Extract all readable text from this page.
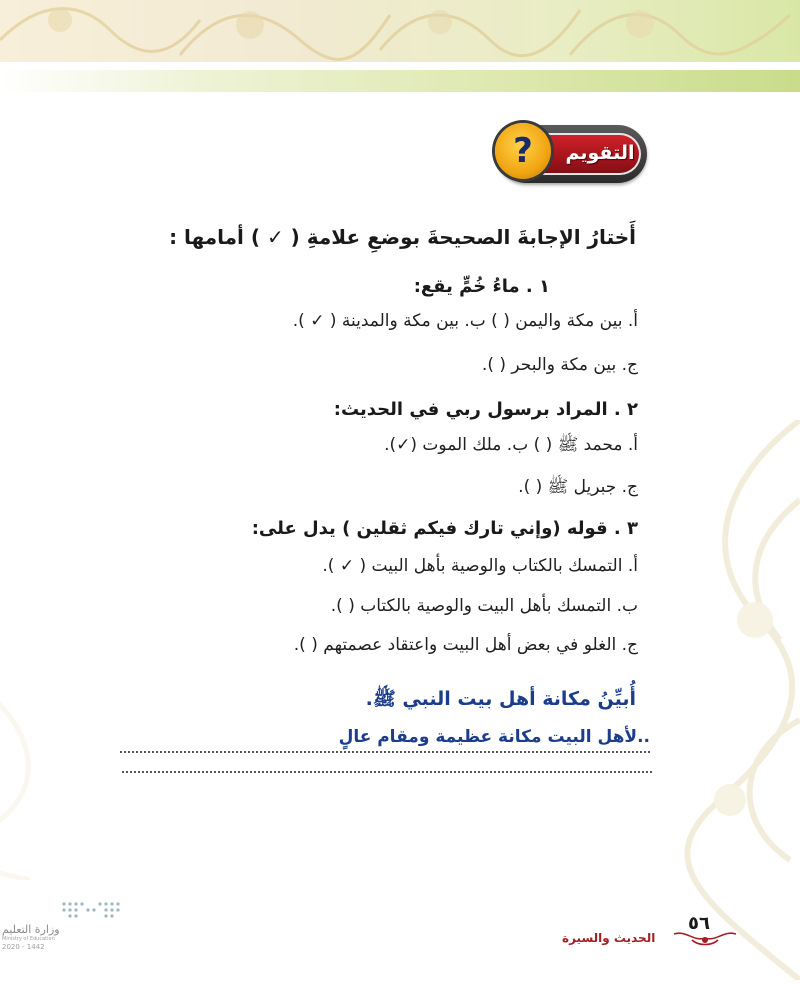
التقويم
?
أَختارُ الإجابةَ الصحيحةَ بوضعِ علامةِ ( ✓ ) أمامها :
١ . ماءُ خُمٍّ يقع:
أ. بين مكة واليمن ( ) ب. بين مكة والمدينة ( ✓ ).
ج. بين مكة والبحر ( ).
٢ . المراد برسول ربي في الحديث:
أ. محمد ﷺ ( ) ب. ملك الموت (✓).
ج. جبريل ﷺ ( ).
٣ . قوله (وإني تارك فيكم ثقلين ) يدل على:
أ. التمسك بالكتاب والوصية بأهل البيت ( ✓ ).
ب. التمسك بأهل البيت والوصية بالكتاب ( ).
ج. الغلو في بعض أهل البيت واعتقاد عصمتهم ( ).
أُبيِّنُ مكانة أهل بيت النبي ﷺ.
..لأهل البيت مكانة عظيمة ومقام عالٍ
٥٦
الحديث والسيرة
وزارة التعليم
Ministry of Education
2020 - 1442
